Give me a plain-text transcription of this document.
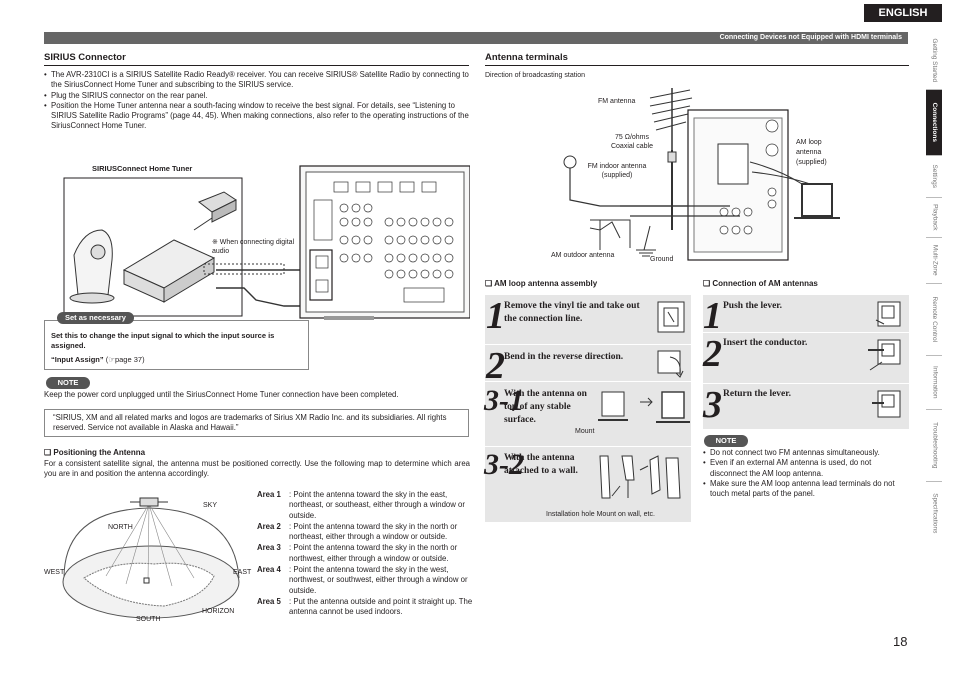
ENGLISH
Connecting Devices not Equipped with HDMI terminals
Getting Started
Connections
Settings
Playback
Multi-Zone
Remote Control
Information
Troubleshooting
Specifications
SIRIUS Connector
• The AVR-2310CI is a SIRIUS Satellite Radio Ready® receiver. You can receive SIRIUS® Satellite Radio by connecting to the SiriusConnect Home Tuner and subscribing to the SIRIUS service.
• Plug the SIRIUS connector on the rear panel.
• Position the Home Tuner antenna near a south-facing window to receive the best signal. For details, see “Listening to SIRIUS Satellite Radio Programs” (page 44, 45). When making connections, also refer to the operating instructions of the SiriusConnect Home Tuner.
SIRIUSConnect Home Tuner
※ When connecting digital audio
Set as necessary
Set this to change the input signal to which the input source is assigned.
“Input Assign” (☞page 37)
NOTE
Keep the power cord unplugged until the SiriusConnect Home Tuner connection have been completed.
“SIRIUS, XM and all related marks and logos are trademarks of Sirius XM Radio Inc. and its subsidiaries. All rights reserved. Service not available in Alaska and Hawaii.”
❑ Positioning the Antenna
For a consistent satellite signal, the antenna must be positioned correctly. Use the following map to determine which area you are in and position the antenna accordingly.
SKY
NORTH
WEST	EAST
HORIZON
SOUTH
Area 1	: Point the antenna toward the sky in the east, northeast, or southeast, either through a window or outside.
Area 2	: Point the antenna toward the sky in the north or northeast, either through a window or outside.
Area 3	: Point the antenna toward the sky in the north or northwest, either through a window or outside.
Area 4	: Point the antenna toward the sky in the west, northwest, or southwest, either through a window or outside.
Area 5	: Put the antenna outside and point it straight up. The antenna cannot be used indoors.
Antenna terminals
Direction of broadcasting station
FM antenna
75 Ω/ohms Coaxial cable
FM indoor antenna (supplied)
AM loop antenna (supplied)
AM outdoor antenna
Ground
❑ AM loop antenna assembly
1 Remove the vinyl tie and take out the connection line.
2 Bend in the reverse direction.
3-1
With the antenna on top of any stable surface.
3-2
With the antenna attached to a wall.
Mount
Installation hole Mount on wall, etc.
❑ Connection of AM antennas
1 Push the lever.
2 Insert the conductor.
3 Return the lever.
NOTE
• Do not connect two FM antennas simultaneously.
• Even if an external AM antenna is used, do not disconnect the AM loop antenna.
• Make sure the AM loop antenna lead terminals do not touch metal parts of the panel.
18
